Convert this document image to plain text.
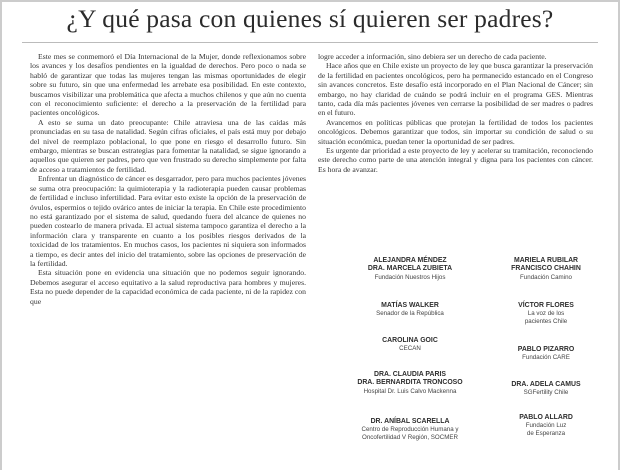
¿Y qué pasa con quienes sí quieren ser padres?

Este mes se conmemoró el Día Internacional de la Mujer, donde reflexionamos sobre los avances y los desafíos pendientes en la igualdad de derechos. Pero poco o nada se habló de garantizar que todas las mujeres tengan las mismas oportunidades de elegir sobre su futuro, sin que una enfermedad les arrebate esa posibilidad. En este contexto, buscamos visibilizar una problemática que afecta a muchos chilenos y que aún no cuenta con el reconocimiento suficiente: el derecho a la preservación de la fertilidad para pacientes oncológicos.

A esto se suma un dato preocupante: Chile atraviesa una de las caídas más pronunciadas en su tasa de natalidad. Según cifras oficiales, el país está muy por debajo del nivel de reemplazo poblacional, lo que pone en riesgo el desarrollo futuro. Sin embargo, mientras se buscan estrategias para fomentar la natalidad, se sigue ignorando a aquellos que quieren ser padres, pero que ven frustrado su derecho simplemente por falta de acceso a tratamientos de fertilidad.

Enfrentar un diagnóstico de cáncer es desgarrador, pero para muchos pacientes jóvenes se suma otra preocupación: la quimioterapia y la radioterapia pueden causar problemas de fertilidad e incluso infertilidad. Para evitar esto existe la opción de la preservación de óvulos, espermios o tejido ovárico antes de iniciar la terapia. En Chile este procedimiento no está garantizado por el sistema de salud, quedando fuera del alcance de quienes no pueden costearlo de manera privada. El actual sistema tampoco garantiza el derecho a la información clara y transparente en cuanto a los posibles riesgos derivados de la toxicidad de los tratamientos. En muchos casos, los pacientes ni siquiera son informados a tiempo, es decir antes del inicio del tratamiento, sobre las opciones de preservación de la fertilidad.

Esta situación pone en evidencia una situación que no podemos seguir ignorando. Debemos asegurar el acceso equitativo a la salud reproductiva para hombres y mujeres. Esta no puede depender de la capacidad económica de cada paciente, ni de la rapidez con que

logre acceder a información, sino debiera ser un derecho de cada paciente.

Hace años que en Chile existe un proyecto de ley que busca garantizar la preservación de la fertilidad en pacientes oncológicos, pero ha permanecido estancado en el Congreso sin avances concretos. Este desafío está incorporado en el Plan Nacional de Cáncer; sin embargo, no hay claridad de cuándo se podrá incluir en el programa GES. Mientras tanto, cada día más pacientes jóvenes ven cerrarse la posibilidad de ser madres o padres en el futuro.

Avancemos en políticas públicas que protejan la fertilidad de todos los pacientes oncológicos. Debemos garantizar que todos, sin importar su condición de salud o su situación económica, puedan tener la oportunidad de ser padres.

Es urgente dar prioridad a este proyecto de ley y acelerar su tramitación, reconociendo este derecho como parte de una atención integral y digna para los pacientes con cáncer. Es hora de avanzar.

ALEJANDRA MÉNDEZ
DRA. MARCELA ZUBIETA
Fundación Nuestros Hijos
MATÍAS WALKER
Senador de la República
CAROLINA GOIC
CECAN
DRA. CLAUDIA PARIS
DRA. BERNARDITA TRONCOSO
Hospital Dr. Luis Calvo Mackenna
DR. ANÍBAL SCARELLA
Centro de Reproducción Humana y
Oncofertilidad V Región, SOCMER
MARIELA RUBILAR
FRANCISCO CHAHIN
Fundación Camino
VÍCTOR FLORES
La voz de los
pacientes Chile
PABLO PIZARRO
Fundación CARE
DRA. ADELA CAMUS
SGFertility Chile
PABLO ALLARD
Fundación Luz
de Esperanza
